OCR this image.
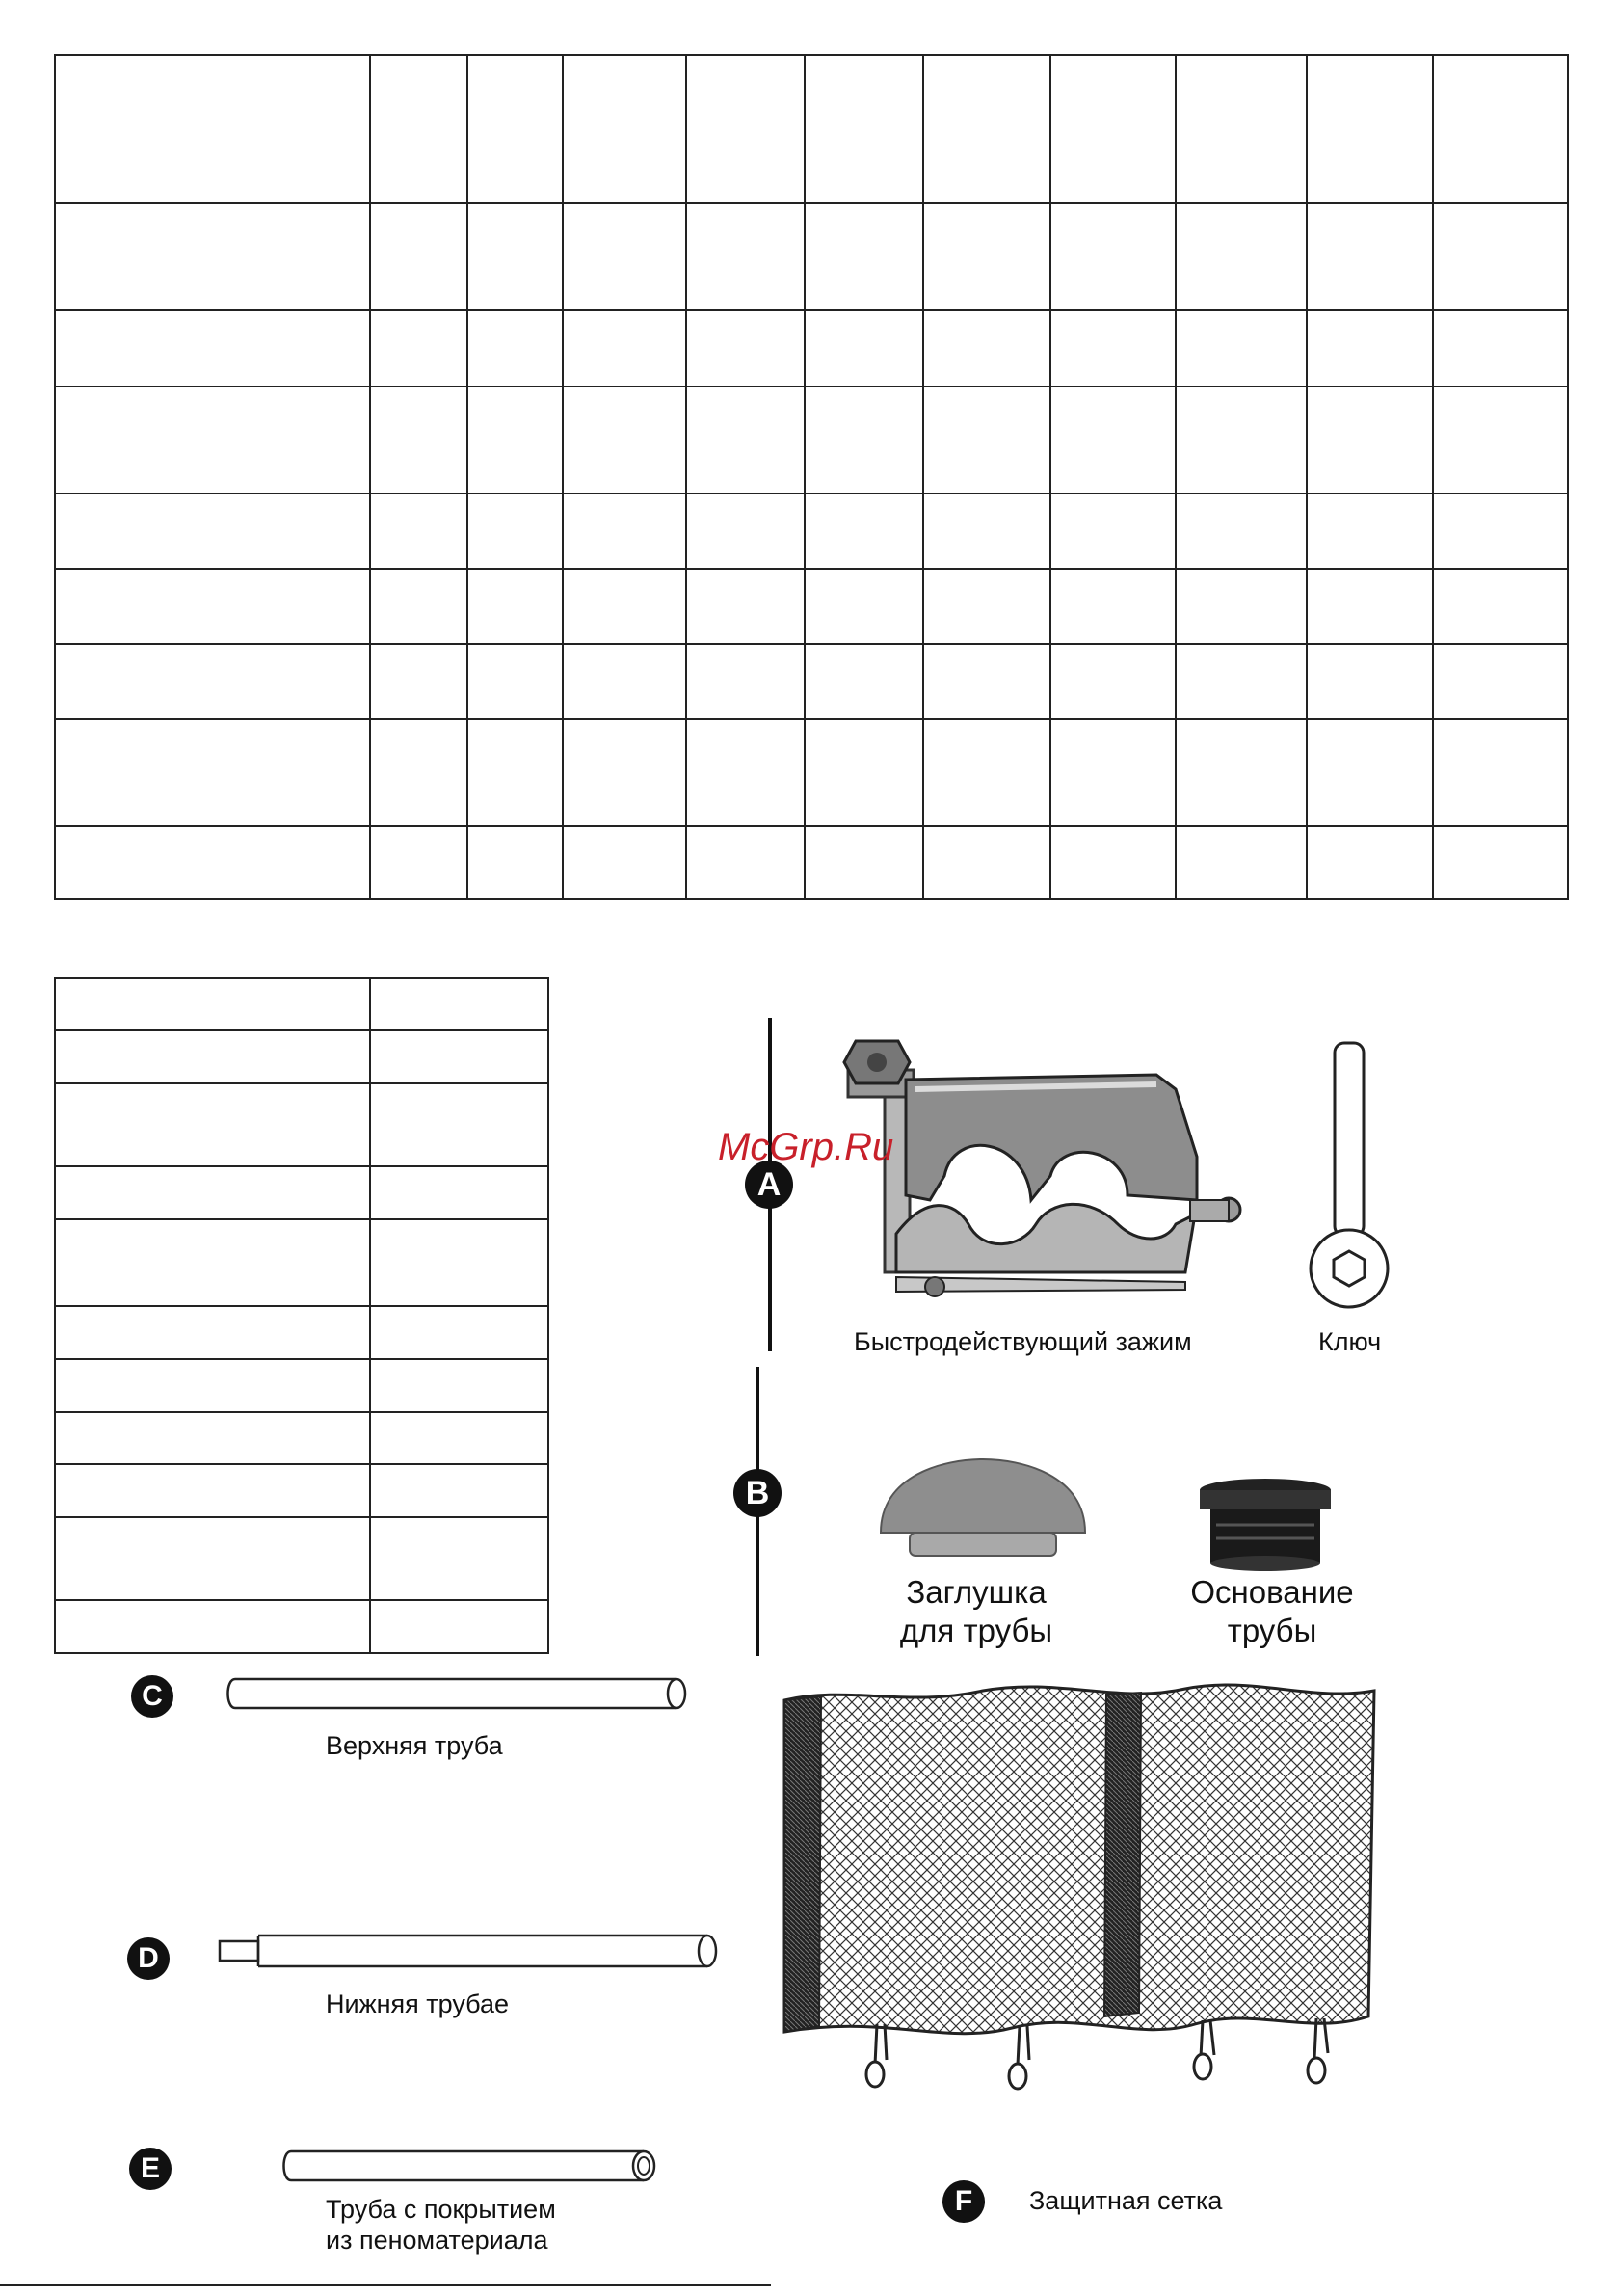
A
Быстродействующий зажим	Ключ
B
Заглушка
для трубы
Основание
трубы
C
Верхняя труба
D
Нижняя трубае
E
Труба с покрытием
из пеноматериала
F	Защитная сетка
McGrp.Ru
